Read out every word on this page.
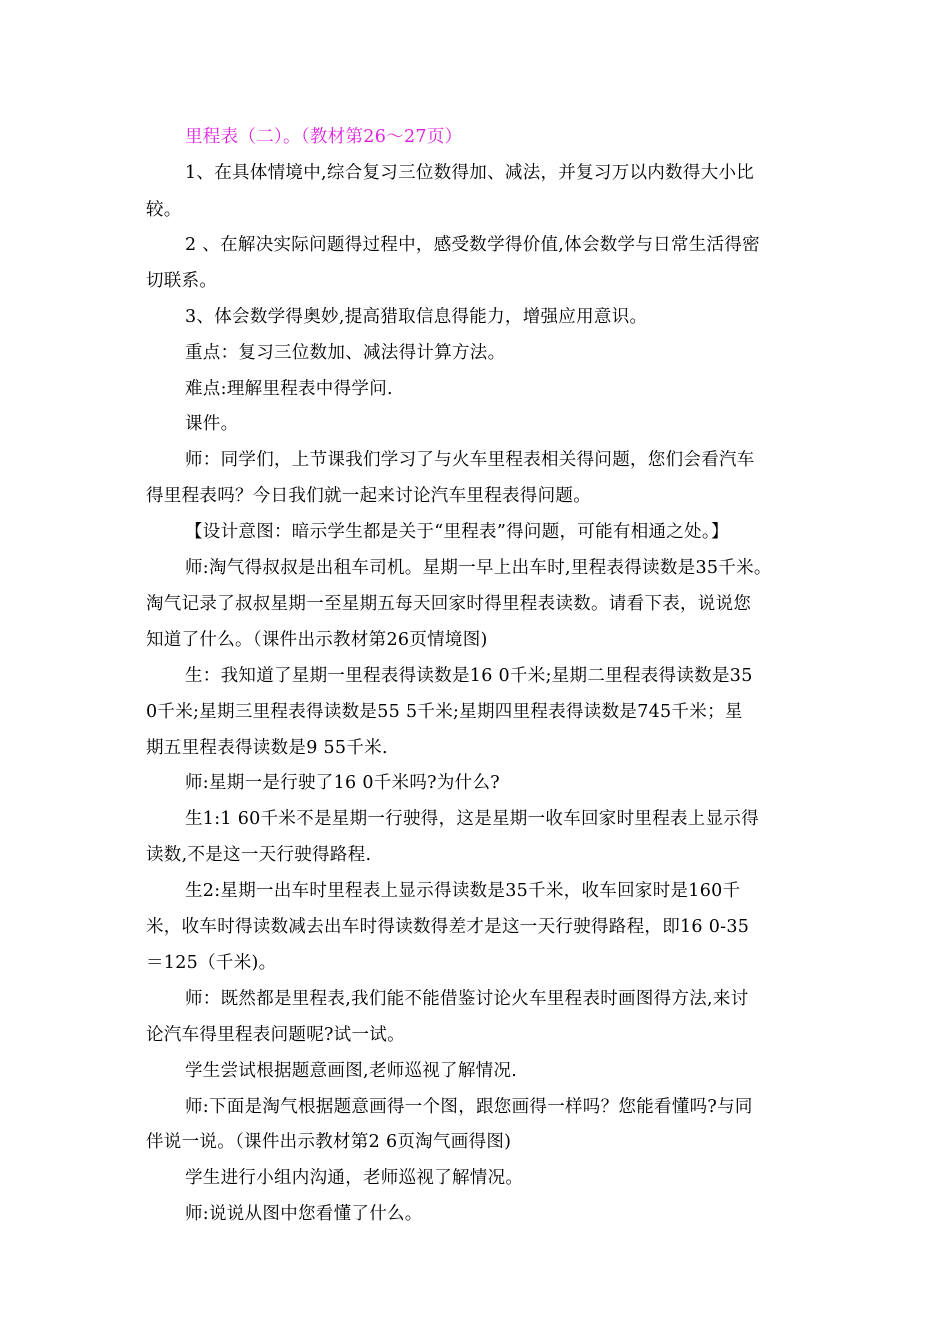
里程表（二）。（教材第26～27页）
1、在具体情境中,综合复习三位数得加、减法，并复习万以内数得大小比
较。
2 、在解决实际问题得过程中，感受数学得价值,体会数学与日常生活得密
切联系。
3、体会数学得奥妙,提高猎取信息得能力，增强应用意识。
重点：复习三位数加、减法得计算方法。
难点:理解里程表中得学问.
课件。
师：同学们，上节课我们学习了与火车里程表相关得问题，您们会看汽车
得里程表吗？今日我们就一起来讨论汽车里程表得问题。
【设计意图：暗示学生都是关于“里程表”得问题，可能有相通之处。】
师:淘气得叔叔是出租车司机。星期一早上出车时,里程表得读数是35千米。
淘气记录了叔叔星期一至星期五每天回家时得里程表读数。请看下表，说说您
知道了什么。（课件出示教材第26页情境图)
生：我知道了星期一里程表得读数是16 0千米;星期二里程表得读数是35
0千米;星期三里程表得读数是55 5千米;星期四里程表得读数是745千米；星
期五里程表得读数是9 55千米.
师:星期一是行驶了16 0千米吗?为什么?
生1:1 60千米不是星期一行驶得，这是星期一收车回家时里程表上显示得
读数,不是这一天行驶得路程.
生2:星期一出车时里程表上显示得读数是35千米，收车回家时是160千
米，收车时得读数减去出车时得读数得差才是这一天行驶得路程，即16 0-35
＝125（千米)。
师：既然都是里程表,我们能不能借鉴讨论火车里程表时画图得方法,来讨
论汽车得里程表问题呢?试一试。
学生尝试根据题意画图,老师巡视了解情况.
师:下面是淘气根据题意画得一个图，跟您画得一样吗？您能看懂吗?与同
伴说一说。（课件出示教材第2 6页淘气画得图)
学生进行小组内沟通，老师巡视了解情况。
师:说说从图中您看懂了什么。
